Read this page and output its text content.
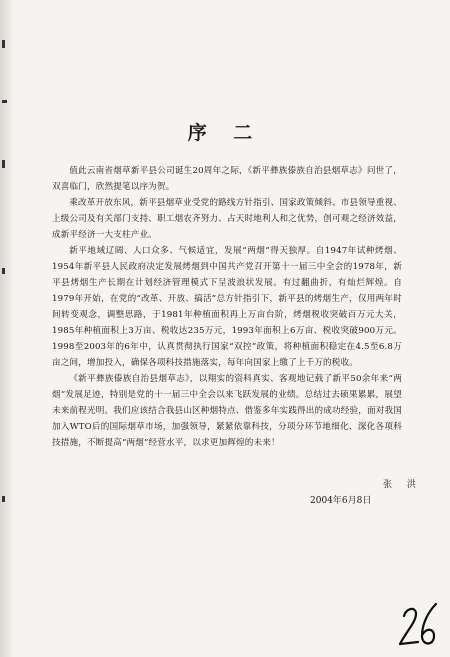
序 二

值此云南省烟草新平县公司诞生20周年之际，《新平彝族傣族自治县烟草志》问世了，双喜临门，欣然提笔以序为贺。

乘改革开放东风，新平县烟草业受党的路线方针指引、国家政策倾斜、市县领导重视、上级公司及有关部门支持、职工烟农齐努力、占天时地利人和之优势，创可观之经济效益，成新平经济一大支柱产业。

新平地域辽阔、人口众多、气候适宜，发展“两烟”得天独厚。自1947年试种烤烟、1954年新平县人民政府决定发展烤烟到中国共产党召开第十一届三中全会的1978年，新平县烤烟生产长期在计划经济管理模式下呈波浪状发展。有过翻曲折，有灿烂辉煌。自1979年开始，在党的“改革、开放、搞活”总方针指引下，新平县的烤烟生产，仅用两年时间转变观念，调整思路，于1981年种植面积再上万亩台阶，烤烟税收突破百万元大关，1985年种植面积上3万亩、税收达235万元，1993年面积上6万亩、税收突破900万元。1998至2003年的6年中，认真贯彻执行国家“双控”政策，将种植面积稳定在4.5至6.8万亩之间，增加投入，确保各项科技措施落实，每年向国家上缴了上千万的税收。

《新平彝族傣族自治县烟草志》，以翔实的资料真实、客观地记载了新平50余年来“两烟”发展足迹，特别是党的十一届三中全会以来飞跃发展的业绩。总结过去硕果累累，展望未来前程光明。我们应该结合我县山区种烟特点、借鉴多年实践得出的成功经验，面对我国加入WTO后的国际烟草市场，加强领导，紧紧依靠科技，分项分环节地细化、深化各项科技措施，不断提高“两烟”经营水平，以求更加辉煌的未来！

张 洪
2004年6月8日
